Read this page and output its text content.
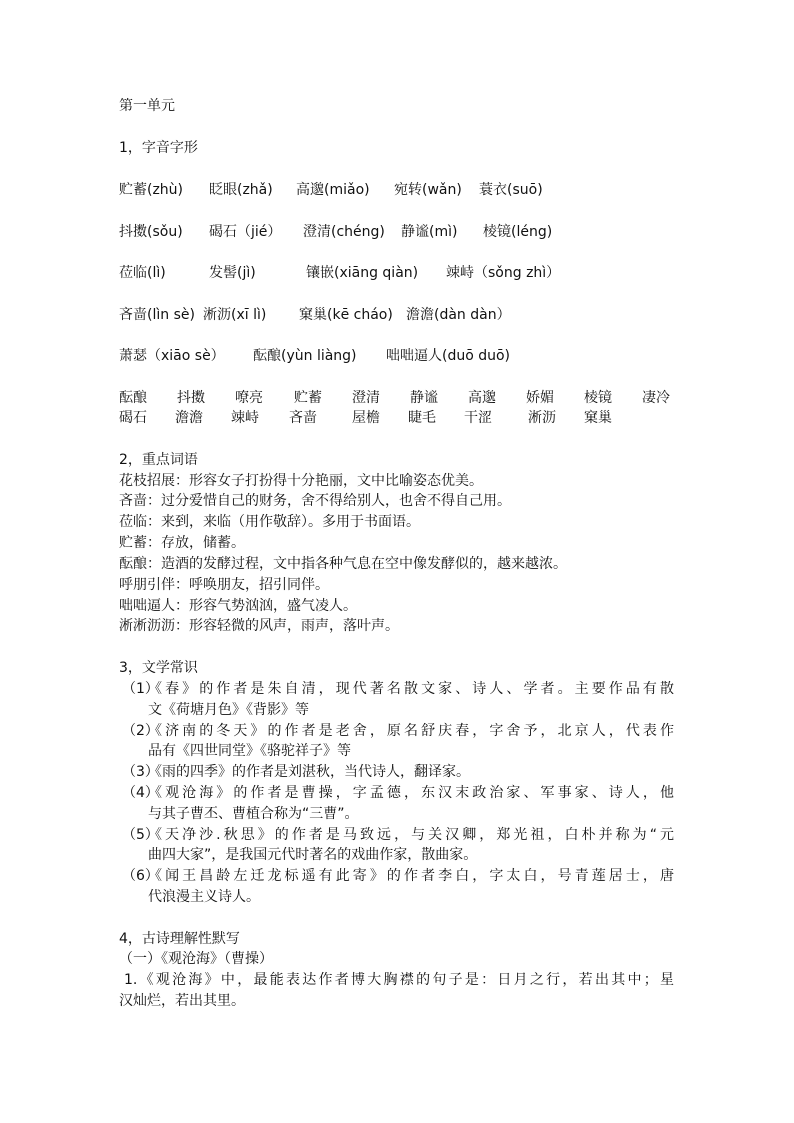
第一单元
1，字音字形
贮蓄(zhù) 眨眼(zhǎ) 高邈(miǎo) 宛转(wǎn) 蓑衣(suō)
抖擞(sǒu) 碣石（jié） 澄清(chéng) 静谧(mì) 棱镜(léng)
莅临(lì)	发髻(jì)	镶嵌(xiāng qiàn) 竦峙（sǒng zhì）
吝啬(lìn sè) 淅沥(xī lì) 窠巢(kē cháo) 澹澹(dàn dàn）
萧瑟（xiāo sè） 酝酿(yùn liàng) 咄咄逼人(duō duō)
酝酿 抖擞 嘹亮 贮蓄 澄清 静谧 高邈 娇媚 棱镜 凄冷
碣石 澹澹 竦峙 吝啬	屋檐 睫毛 干涩	淅沥 窠巢
2，重点词语
花枝招展：形容女子打扮得十分艳丽，文中比喻姿态优美。
吝啬：过分爱惜自己的财务，舍不得给别人，也舍不得自己用。
莅临：来到，来临（用作敬辞）。多用于书面语。
贮蓄：存放，储蓄。
酝酿：造酒的发酵过程，文中指各种气息在空中像发酵似的，越来越浓。
呼朋引伴：呼唤朋友，招引同伴。
咄咄逼人：形容气势汹汹，盛气凌人。
淅淅沥沥：形容轻微的风声，雨声，落叶声。
3，文学常识
（1）
《春》的作者是朱自清，现代著名散文家、诗人、学者。主要作品有散
文《荷塘月色》《背影》等
（2）
《济南的冬天》的作者是老舍，原名舒庆春，字舍予，北京人，代表作
品有《四世同堂》《骆驼祥子》等
（3）
《雨的四季》的作者是刘湛秋，当代诗人，翻译家。
（4）
《观沧海》的作者是曹操，字孟德，东汉末政治家、军事家、诗人，他
与其子曹丕、曹植合称为“三曹”。
（5）
《天净沙.秋思》的作者是马致远，与关汉卿，郑光祖，白朴并称为“元
曲四大家”，是我国元代时著名的戏曲作家，散曲家。
（6）
《闻王昌龄左迁龙标遥有此寄》的作者李白，字太白，号青莲居士，唐
代浪漫主义诗人。
4，古诗理解性默写
（一）《观沧海》（曹操）
1.《观沧海》中，最能表达作者博大胸襟的句子是：日月之行，若出其中；星
汉灿烂，若出其里。
